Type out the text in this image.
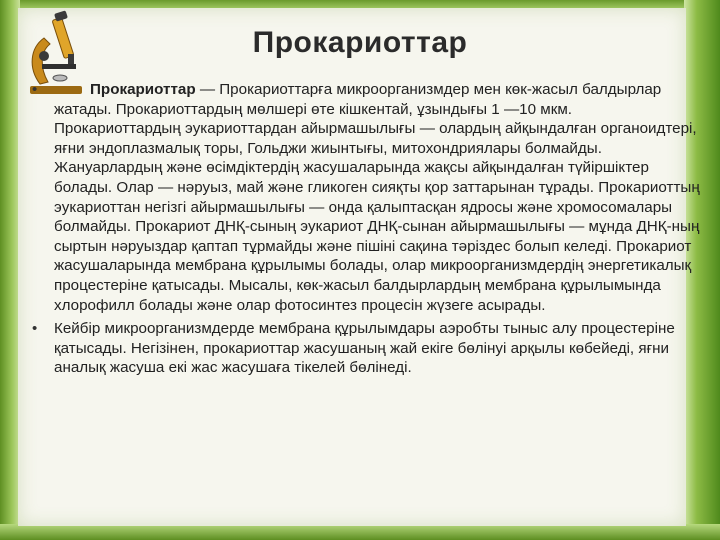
Прокариоттар
•	Прокариоттар — Прокариоттарға микроорганизмдер мен көк-жасыл балдырлар жатады. Прокариоттардың мөлшері өте кішкентай, ұзындығы 1 —10 мкм. Прокариоттардың эукариоттардан айырмашылығы — олардың айқындалған органоидтері, яғни эндоплазмалық торы, Гольджи жиынтығы, митохондриялары болмайды. Жануарлардың және өсімдіктердің жасушаларында жақсы айқындалған түйіршіктер болады. Олар — нәруыз, май және гликоген сияқты қор заттарынан тұрады. Прокариоттың эукариоттан негізгі айырмашылығы — онда қалыптасқан ядросы және хромосомалары болмайды. Прокариот ДНҚ-сының эукариот ДНҚ-сынан айырмашылығы — мұнда ДНҚ-ның сыртын нәруыздар қаптап тұрмайды және пішіні сақина тәріздес болып келеді. Прокариот жасушаларында мембрана құрылымы болады, олар микроорганизмдердің энергетикалық процестеріне қатысады. Мысалы, көк-жасыл балдырлардың мембрана құрылымында хлорофилл болады және олар фотосинтез процесін жүзеге асырады.
• Кейбір микроорганизмдерде мембрана құрылымдары аэробты тыныс алу процестеріне қатысады. Негізінен, прокариоттар жасушаның жай екіге бөлінуі арқылы көбейеді, яғни аналық жасуша екі жас жасушаға тікелей бөлінеді.
